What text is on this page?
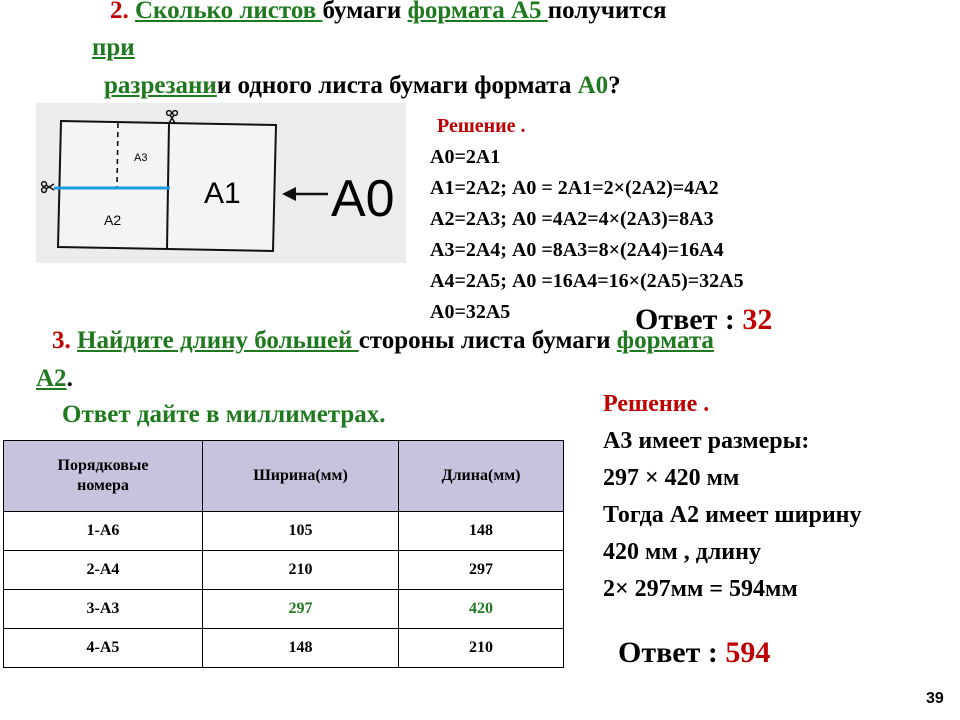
2. Сколько листов бумаги формата А5 получится
при
разрезании одного листа бумаги формата А0?
A3
A2
A1 A0
Решение .
А0=2А1
А1=2А2; А0 = 2А1=2×(2А2)=4А2
А2=2А3; А0 =4А2=4×(2А3)=8А3
А3=2А4; А0 =8А3=8×(2А4)=16А4
А4=2А5; А0 =16А4=16×(2А5)=32А5
А0=32А5	Ответ : 32
3. Найдите длину большей стороны листа бумаги формата
А2.
Ответ дайте в миллиметрах.
Порядковые номера	Ширина(мм)	Длина(мм)
1-А6	105	148
2-А4	210	297
3-А3	297	420
4-А5	148	210
Решение .
А3 имеет размеры:
297 × 420 мм
Тогда А2 имеет ширину
420 мм , длину
2× 297мм = 594мм
Ответ : 594
39
